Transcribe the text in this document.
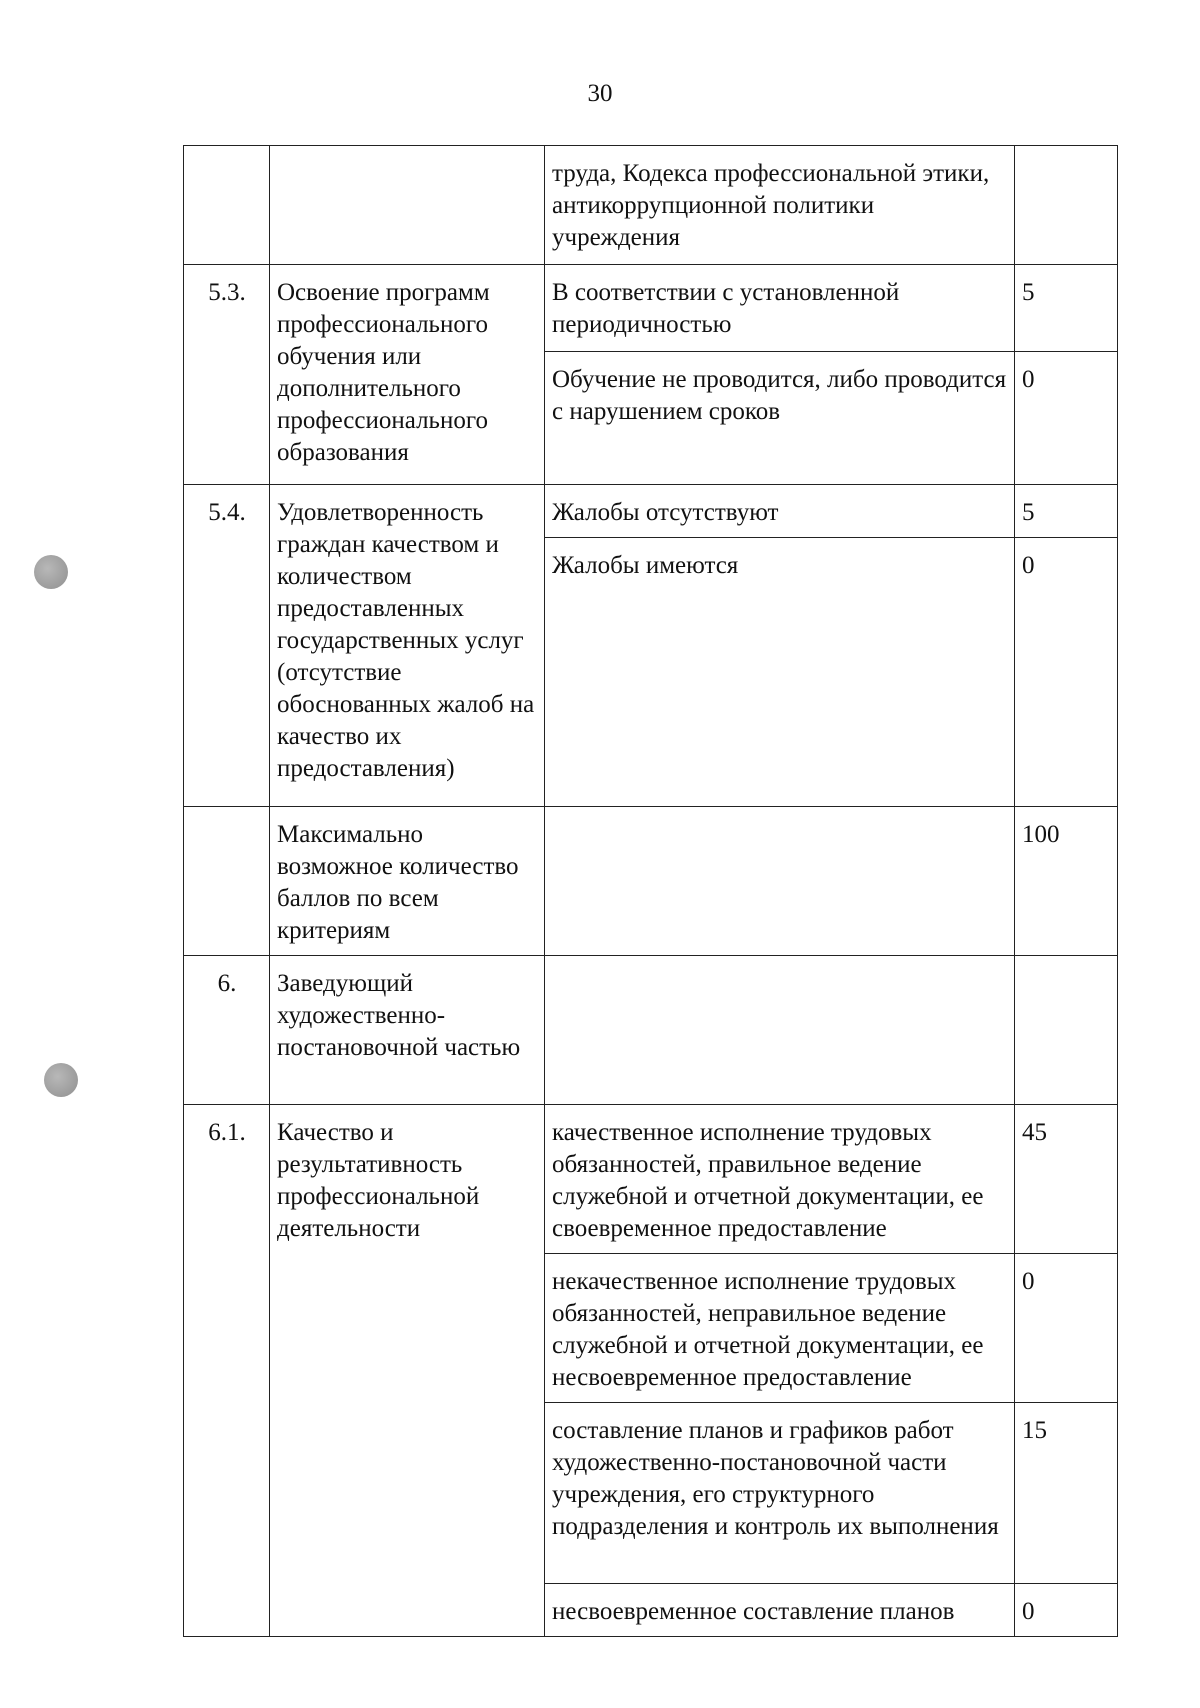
30
		труда, Кодекса профессиональной этики, антикоррупционной политики учреждения	
5.3.	Освоение программ профессионального обучения или дополнительного профессионального образования	В соответствии с установленной периодичностью	5
		Обучение не проводится, либо проводится с нарушением сроков	0
5.4.	Удовлетворенность граждан качеством и количеством предоставленных государственных услуг (отсутствие обоснованных жалоб на качество их предоставления)	Жалобы отсутствуют	5
		Жалобы имеются	0
	Максимально возможное количество баллов по всем критериям		100
6.	Заведующий художественно-постановочной частью		
6.1.	Качество и результативность профессиональной деятельности	качественное исполнение трудовых обязанностей, правильное ведение служебной и отчетной документации, ее своевременное предоставление	45
		некачественное исполнение трудовых обязанностей, неправильное ведение служебной и отчетной документации, ее несвоевременное предоставление	0
		составление планов и графиков работ художественно-постановочной части учреждения, его структурного подразделения и контроль их выполнения	15
		несвоевременное составление планов	0
